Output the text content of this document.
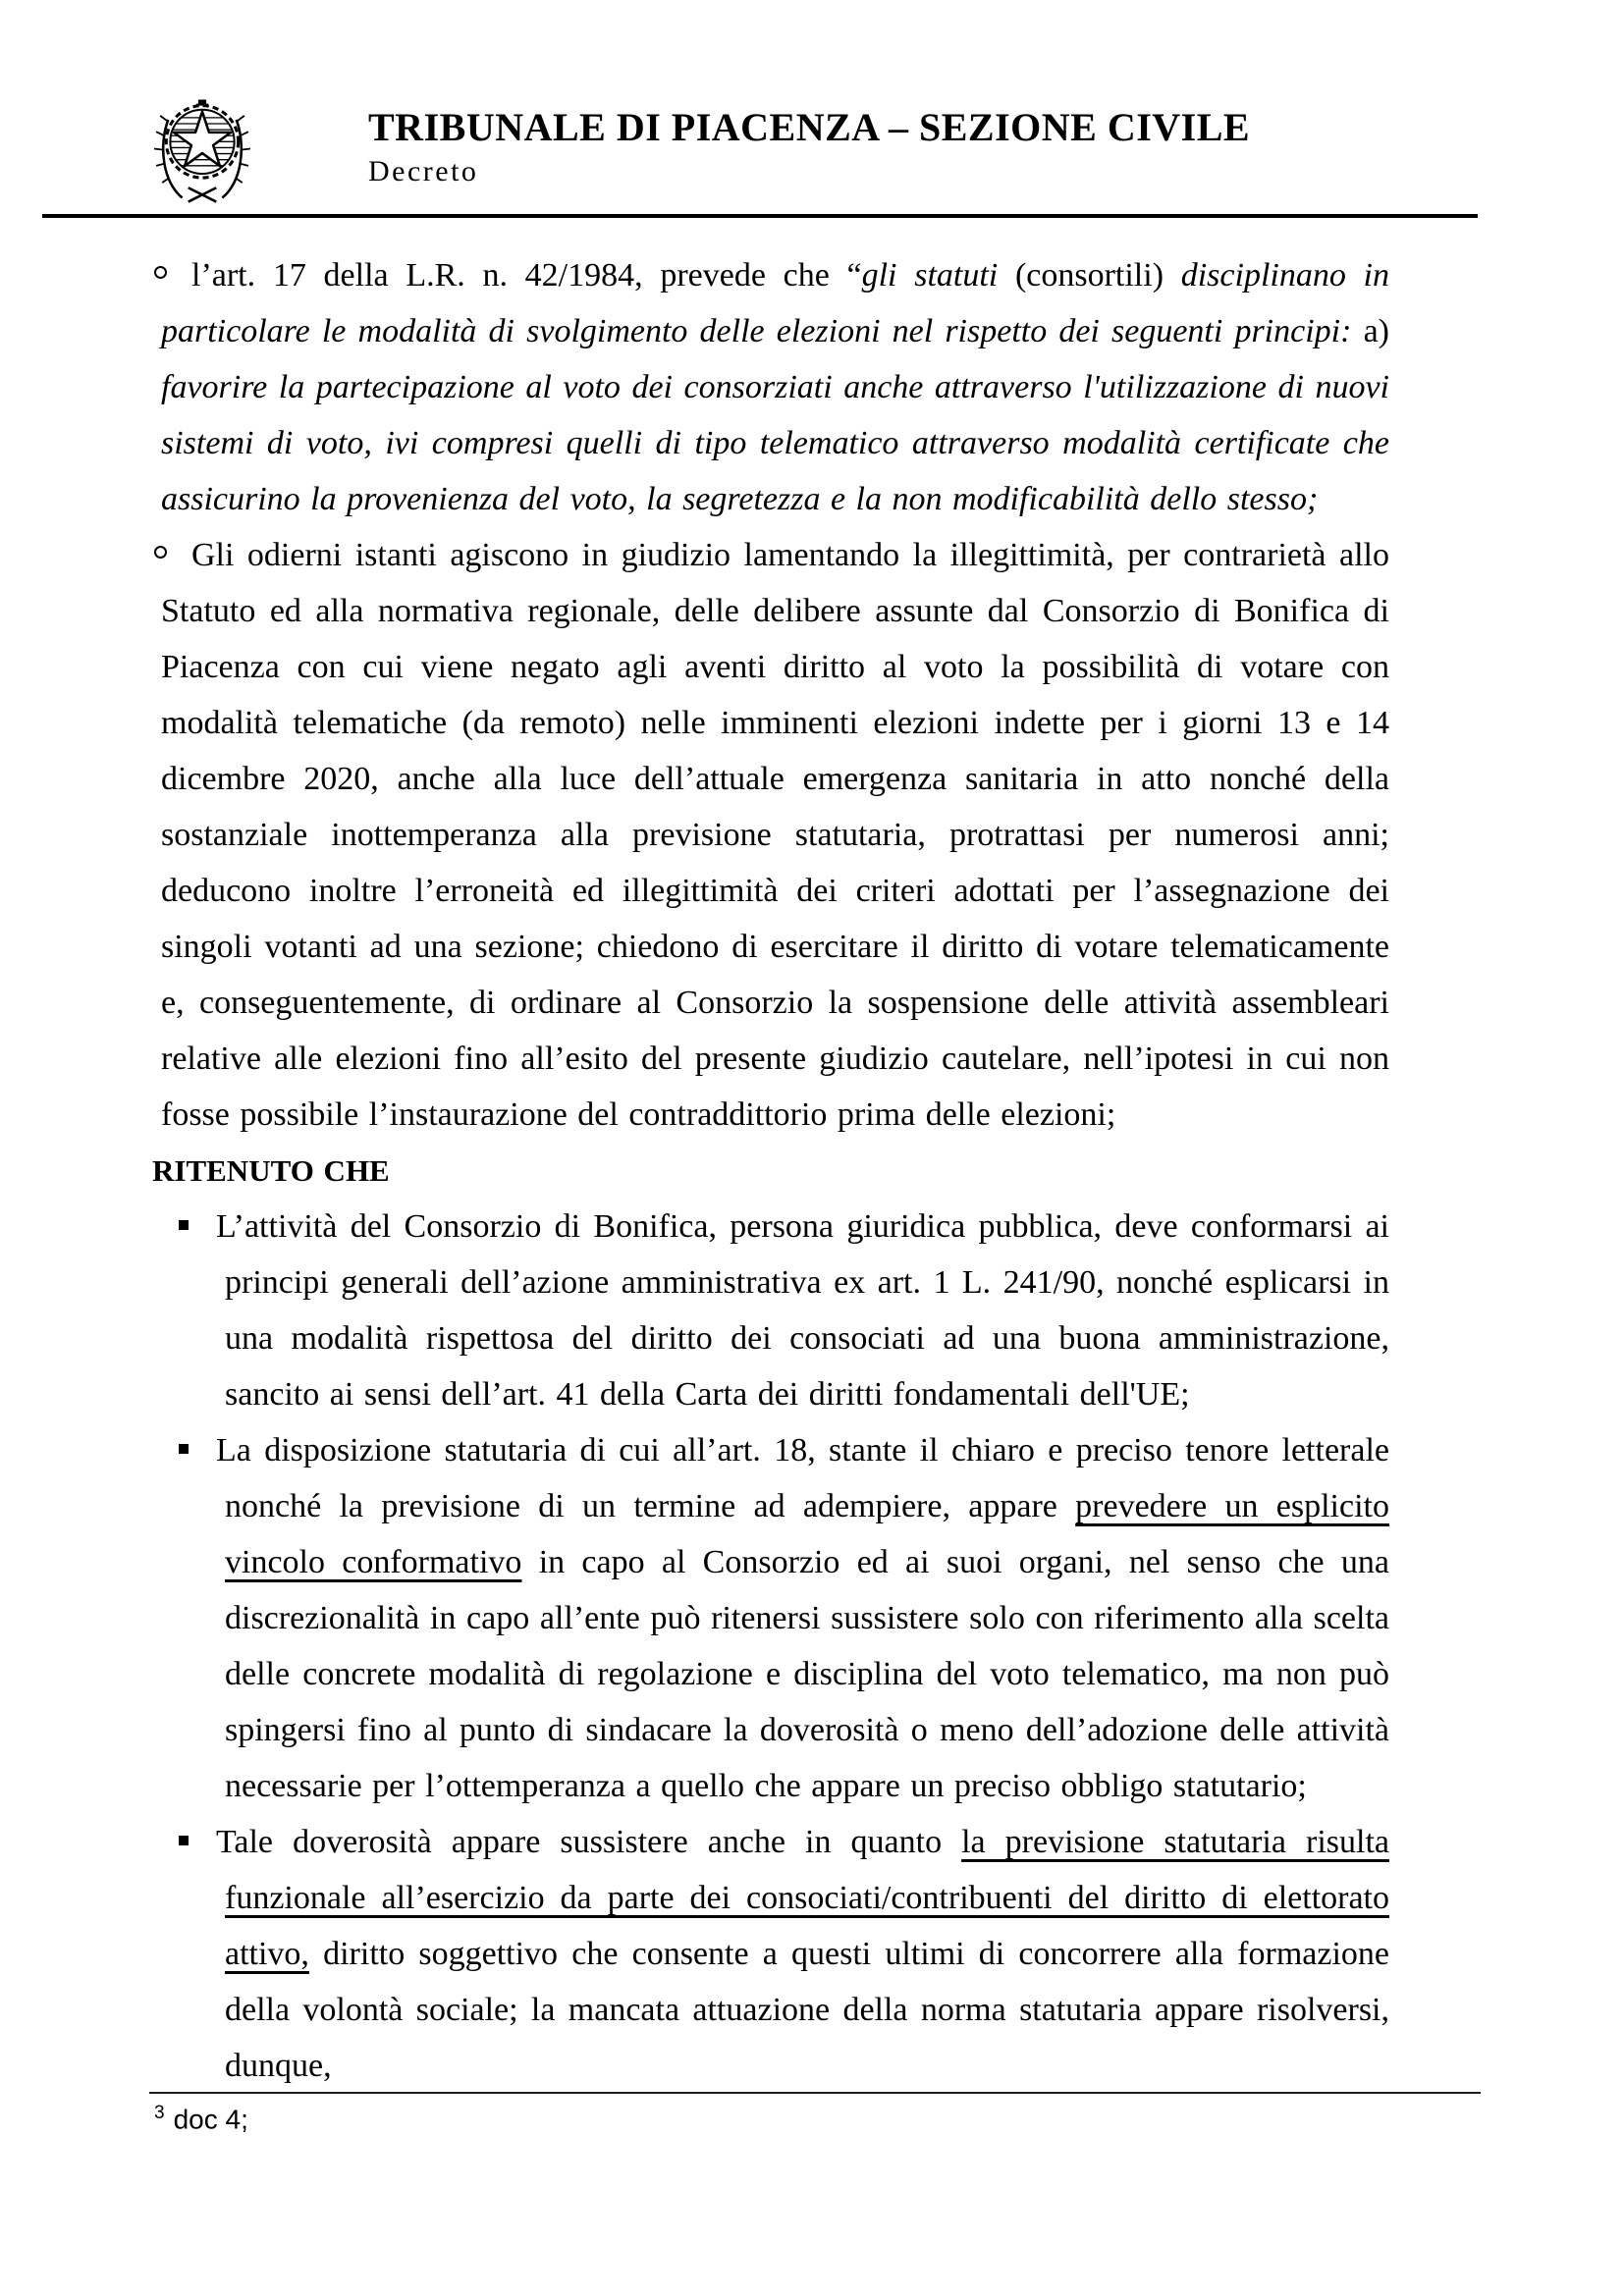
TRIBUNALE DI PIACENZA – SEZIONE CIVILE
Decreto
l’art. 17 della L.R. n. 42/1984, prevede che “gli statuti (consortili) disciplinano in particolare le modalità di svolgimento delle elezioni nel rispetto dei seguenti principi: a) favorire la partecipazione al voto dei consorziati anche attraverso l'utilizzazione di nuovi sistemi di voto, ivi compresi quelli di tipo telematico attraverso modalità certificate che assicurino la provenienza del voto, la segretezza e la non modificabilità dello stesso;
Gli odierni istanti agiscono in giudizio lamentando la illegittimità, per contrarietà allo Statuto ed alla normativa regionale, delle delibere assunte dal Consorzio di Bonifica di Piacenza con cui viene negato agli aventi diritto al voto la possibilità di votare con modalità telematiche (da remoto) nelle imminenti elezioni indette per i giorni 13 e 14 dicembre 2020, anche alla luce dell’attuale emergenza sanitaria in atto nonché della sostanziale inottemperanza alla previsione statutaria, protrattasi per numerosi anni; deducono inoltre l’erroneità ed illegittimità dei criteri adottati per l’assegnazione dei singoli votanti ad una sezione; chiedono di esercitare il diritto di votare telematicamente e, conseguentemente, di ordinare al Consorzio la sospensione delle attività assembleari relative alle elezioni fino all’esito del presente giudizio cautelare, nell’ipotesi in cui non fosse possibile l’instaurazione del contraddittorio prima delle elezioni;
RITENUTO CHE
L’attività del Consorzio di Bonifica, persona giuridica pubblica, deve conformarsi ai principi generali dell’azione amministrativa ex art. 1 L. 241/90, nonché esplicarsi in una modalità rispettosa del diritto dei consociati ad una buona amministrazione, sancito ai sensi dell’art. 41 della Carta dei diritti fondamentali dell'UE;
La disposizione statutaria di cui all’art. 18, stante il chiaro e preciso tenore letterale nonché la previsione di un termine ad adempiere, appare prevedere un esplicito vincolo conformativo in capo al Consorzio ed ai suoi organi, nel senso che una discrezionalità in capo all’ente può ritenersi sussistere solo con riferimento alla scelta delle concrete modalità di regolazione e disciplina del voto telematico, ma non può spingersi fino al punto di sindacare la doverosità o meno dell’adozione delle attività necessarie per l’ottemperanza a quello che appare un preciso obbligo statutario;
Tale doverosità appare sussistere anche in quanto la previsione statutaria risulta funzionale all’esercizio da parte dei consociati/contribuenti del diritto di elettorato attivo, diritto soggettivo che consente a questi ultimi di concorrere alla formazione della volontà sociale; la mancata attuazione della norma statutaria appare risolversi, dunque,
$^3$ doc 4;
